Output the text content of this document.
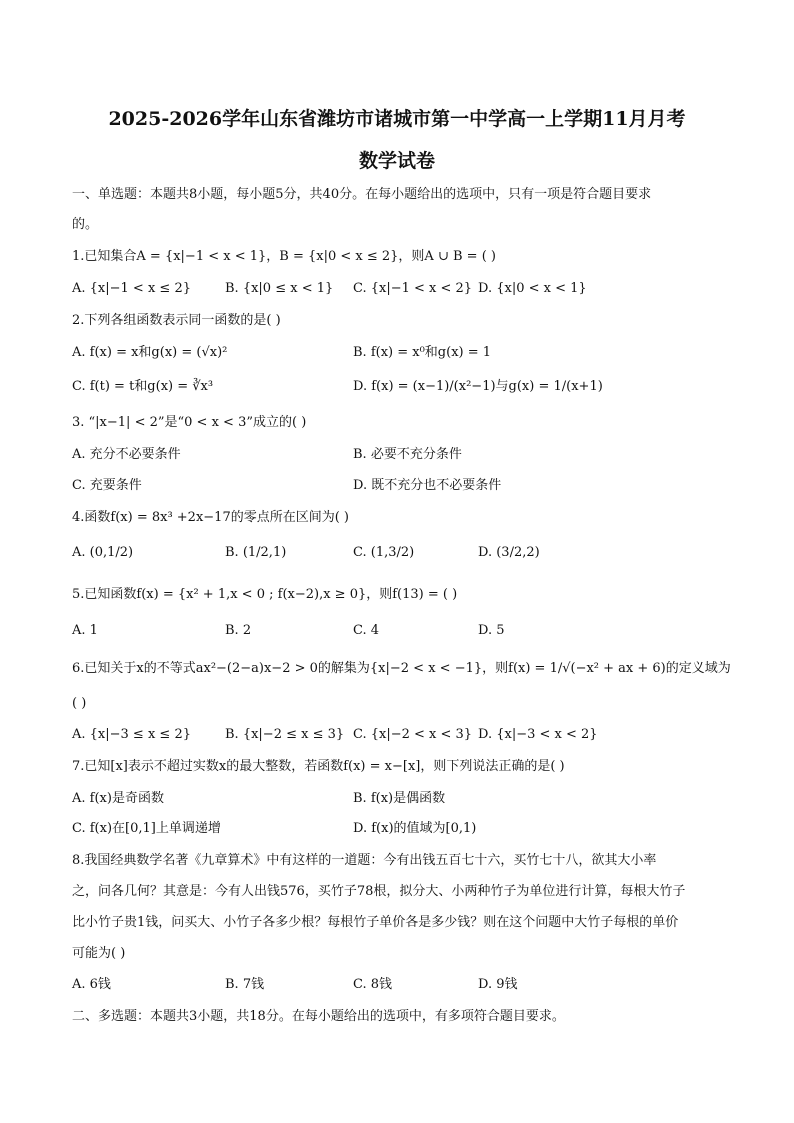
2025-2026学年山东省潍坊市诸城市第一中学高一上学期11月月考
数学试卷
一、单选题：本题共8小题，每小题5分，共40分。在每小题给出的选项中，只有一项是符合题目要求
的。
1.已知集合A = {x|−1 < x < 1}，B = {x|0 < x ≤ 2}，则A ∪ B = ( )
A. {x|−1 < x ≤ 2}	B. {x|0 ≤ x < 1} C. {x|−1 < x < 2} D. {x|0 < x < 1}
2.下列各组函数表示同一函数的是( )
A. f(x) = x和g(x) = (√x)²	B. f(x) = x⁰和g(x) = 1
C. f(t) = t和g(x) = ∛x³	D. f(x) = (x−1)/(x²−1)与g(x) = 1/(x+1)
3. “|x−1| < 2”是“0 < x < 3”成立的( )
A. 充分不必要条件	B. 必要不充分条件
C. 充要条件	D. 既不充分也不必要条件
4.函数f(x) = 8x³ +2x−17的零点所在区间为( )
A. (0,1/2)	B. (1/2,1)	C. (1,3/2)	D. (3/2,2)
5.已知函数f(x) = {x² + 1,x < 0 ; f(x−2),x ≥ 0}，则f(13) = ( )
A. 1	B. 2	C. 4	D. 5
6.已知关于x的不等式ax²−(2−a)x−2 > 0的解集为{x|−2 < x < −1}，则f(x) = 1/√(−x² + ax + 6)的定义域为
( )
A. {x|−3 ≤ x ≤ 2}	B. {x|−2 ≤ x ≤ 3} C. {x|−2 < x < 3} D. {x|−3 < x < 2}
7.已知[x]表示不超过实数x的最大整数，若函数f(x) = x−[x]，则下列说法正确的是( )
A. f(x)是奇函数	B. f(x)是偶函数
C. f(x)在[0,1]上单调递增	D. f(x)的值域为[0,1)
8.我国经典数学名著《九章算术》中有这样的一道题：今有出钱五百七十六，买竹七十八，欲其大小率
之，问各几何？其意是：今有人出钱576，买竹子78根，拟分大、小两种竹子为单位进行计算，每根大竹子
比小竹子贵1钱，问买大、小竹子各多少根？每根竹子单价各是多少钱？则在这个问题中大竹子每根的单价
可能为( )
A. 6钱	B. 7钱	C. 8钱	D. 9钱
二、多选题：本题共3小题，共18分。在每小题给出的选项中，有多项符合题目要求。
